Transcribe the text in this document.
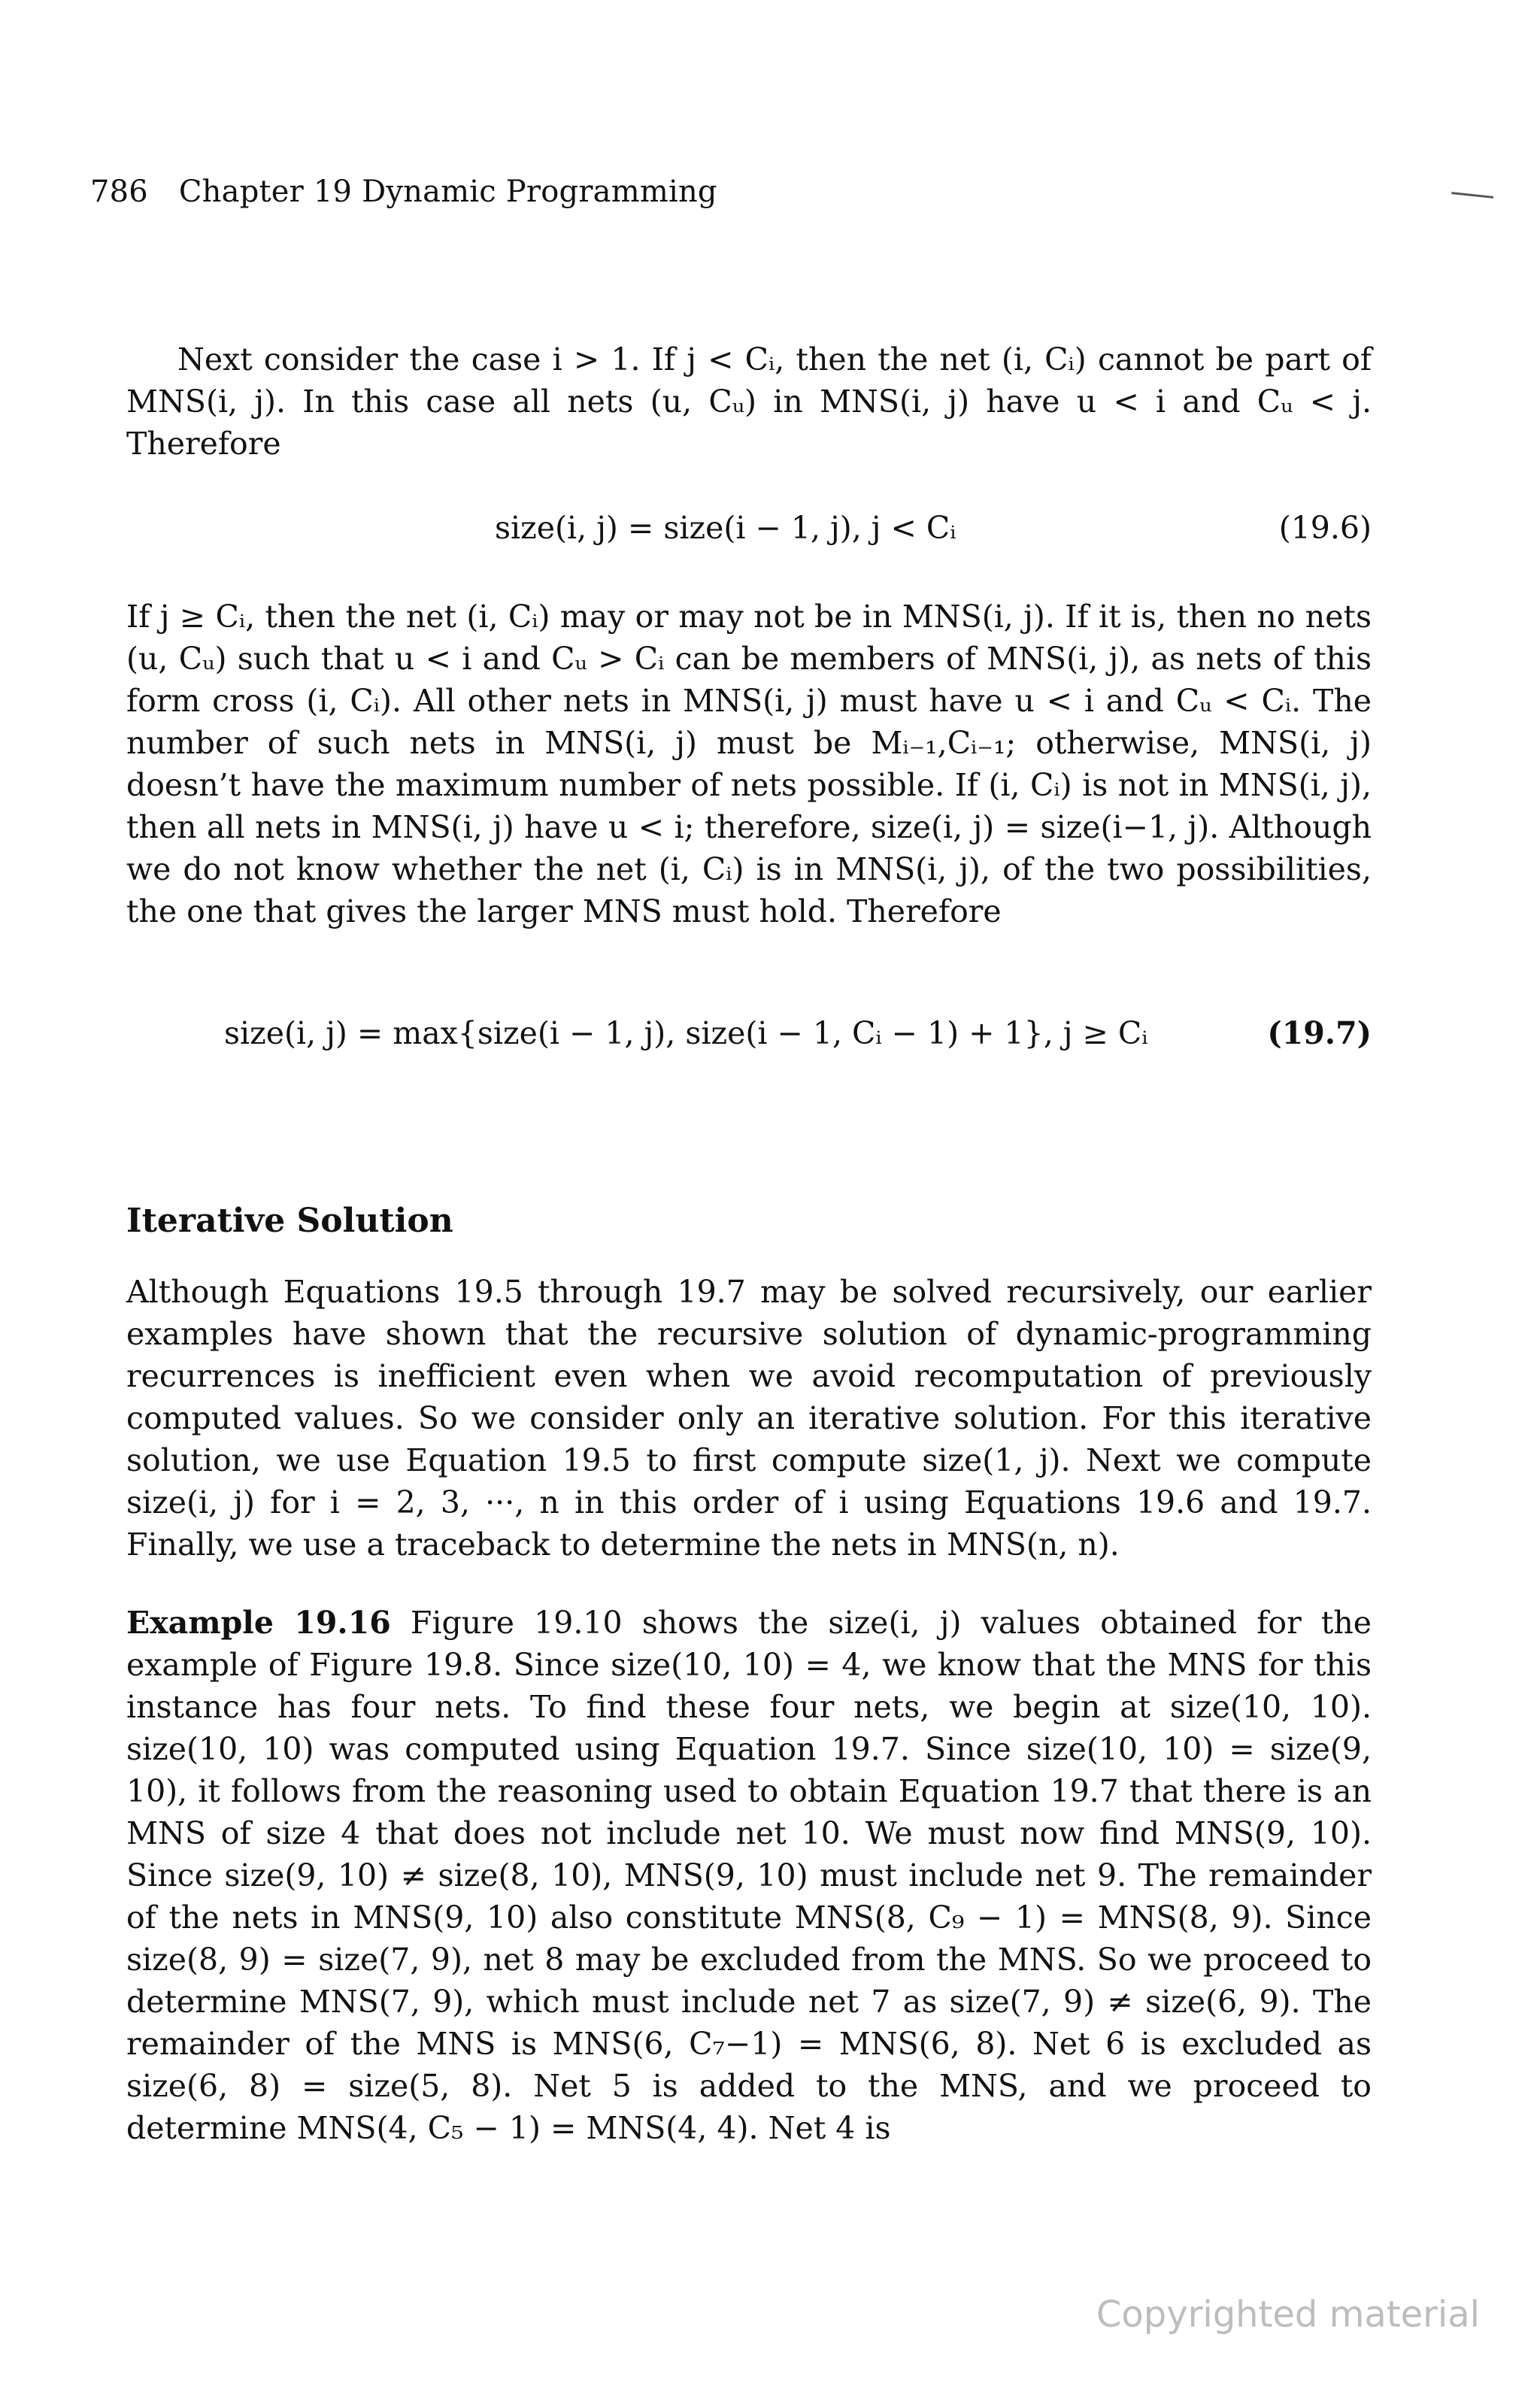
786 Chapter 19 Dynamic Programming

Next consider the case i > 1. If j < Cᵢ, then the net (i, Cᵢ) cannot be part of MNS(i, j). In this case all nets (u, Cᵤ) in MNS(i, j) have u < i and Cᵤ < j. Therefore

size(i, j) = size(i − 1, j), j < Cᵢ	(19.6)

If j ≥ Cᵢ, then the net (i, Cᵢ) may or may not be in MNS(i, j). If it is, then no nets (u, Cᵤ) such that u < i and Cᵤ > Cᵢ can be members of MNS(i, j), as nets of this form cross (i, Cᵢ). All other nets in MNS(i, j) must have u < i and Cᵤ < Cᵢ. The number of such nets in MNS(i, j) must be Mᵢ₋₁,Cᵢ₋₁; otherwise, MNS(i, j) doesn’t have the maximum number of nets possible. If (i, Cᵢ) is not in MNS(i, j), then all nets in MNS(i, j) have u < i; therefore, size(i, j) = size(i−1, j). Although we do not know whether the net (i, Cᵢ) is in MNS(i, j), of the two possibilities, the one that gives the larger MNS must hold. Therefore

size(i, j) = max{size(i − 1, j), size(i − 1, Cᵢ − 1) + 1}, j ≥ Cᵢ	(19.7)
Iterative Solution

Although Equations 19.5 through 19.7 may be solved recursively, our earlier examples have shown that the recursive solution of dynamic-programming recurrences is inefficient even when we avoid recomputation of previously computed values. So we consider only an iterative solution. For this iterative solution, we use Equation 19.5 to first compute size(1, j). Next we compute size(i, j) for i = 2, 3, ···, n in this order of i using Equations 19.6 and 19.7. Finally, we use a traceback to determine the nets in MNS(n, n).

Example 19.16 Figure 19.10 shows the size(i, j) values obtained for the example of Figure 19.8. Since size(10, 10) = 4, we know that the MNS for this instance has four nets. To find these four nets, we begin at size(10, 10). size(10, 10) was computed using Equation 19.7. Since size(10, 10) = size(9, 10), it follows from the reasoning used to obtain Equation 19.7 that there is an MNS of size 4 that does not include net 10. We must now find MNS(9, 10). Since size(9, 10) ≠ size(8, 10), MNS(9, 10) must include net 9. The remainder of the nets in MNS(9, 10) also constitute MNS(8, C₉ − 1) = MNS(8, 9). Since size(8, 9) = size(7, 9), net 8 may be excluded from the MNS. So we proceed to determine MNS(7, 9), which must include net 7 as size(7, 9) ≠ size(6, 9). The remainder of the MNS is MNS(6, C₇−1) = MNS(6, 8). Net 6 is excluded as size(6, 8) = size(5, 8). Net 5 is added to the MNS, and we proceed to determine MNS(4, C₅ − 1) = MNS(4, 4). Net 4 is

Copyrighted material
